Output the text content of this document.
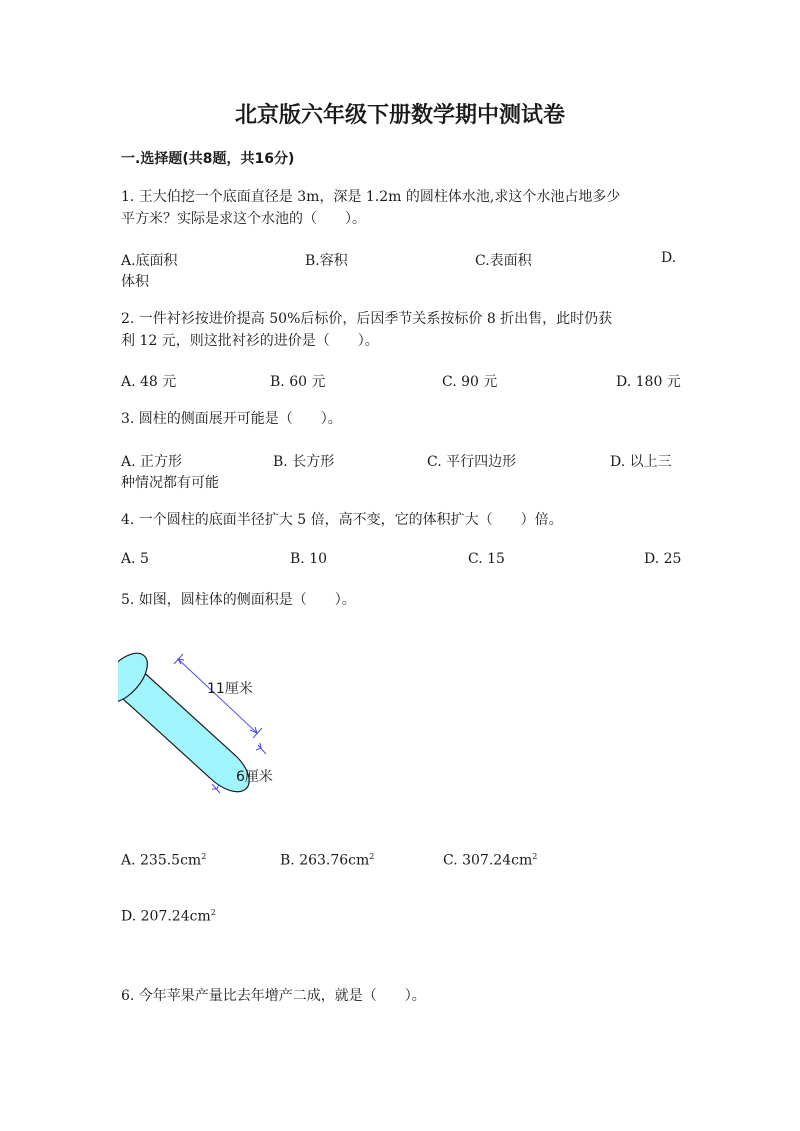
北京版六年级下册数学期中测试卷
一.选择题(共8题，共16分)
1. 王大伯挖一个底面直径是 3m，深是 1.2m 的圆柱体水池,求这个水池占地多少
平方米？实际是求这个水池的（　　）。
A.底面积	B.容积	C.表面积	D.
体积
2. 一件衬衫按进价提高 50%后标价，后因季节关系按标价 8 折出售，此时仍获
利 12 元，则这批衬衫的进价是（　　）。
A. 48 元	B. 60 元	C. 90 元	D. 180 元
3. 圆柱的侧面展开可能是（　　）。
A. 正方形	B. 长方形	C. 平行四边形	D. 以上三
种情况都有可能
4. 一个圆柱的底面半径扩大 5 倍，高不变，它的体积扩大（　　）倍。
A. 5	B. 10	C. 15	D. 25
5. 如图，圆柱体的侧面积是（　　）。
11厘米
6厘米
A. $235.5cm^2$	B. $263.76cm^2$	C. $307.24cm^2$
D. $207.24cm^2$
6. 今年苹果产量比去年增产二成，就是（　　）。
